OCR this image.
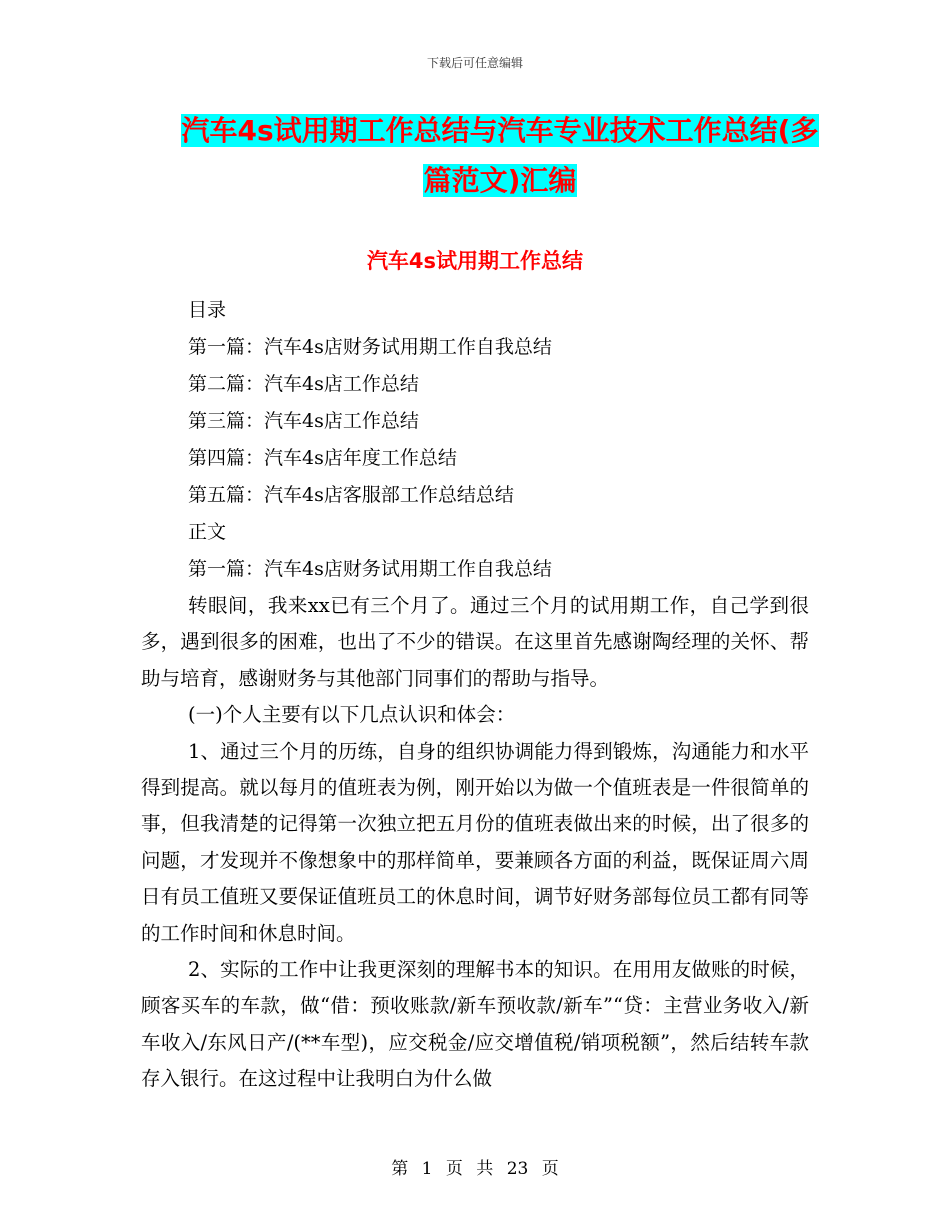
下载后可任意编辑
汽车4s试用期工作总结与汽车专业技术工作总结(多
篇范文)汇编
汽车4s试用期工作总结
目录
第一篇：汽车4s店财务试用期工作自我总结
第二篇：汽车4s店工作总结
第三篇：汽车4s店工作总结
第四篇：汽车4s店年度工作总结
第五篇：汽车4s店客服部工作总结总结
正文
第一篇：汽车4s店财务试用期工作自我总结

转眼间，我来xx已有三个月了。通过三个月的试用期工作，自己学到很多，遇到很多的困难，也出了不少的错误。在这里首先感谢陶经理的关怀、帮助与培育，感谢财务与其他部门同事们的帮助与指导。

(一)个人主要有以下几点认识和体会：

1、通过三个月的历练，自身的组织协调能力得到锻炼，沟通能力和水平得到提高。就以每月的值班表为例，刚开始以为做一个值班表是一件很简单的事，但我清楚的记得第一次独立把五月份的值班表做出来的时候，出了很多的问题，才发现并不像想象中的那样简单，要兼顾各方面的利益，既保证周六周日有员工值班又要保证值班员工的休息时间，调节好财务部每位员工都有同等的工作时间和休息时间。

2、实际的工作中让我更深刻的理解书本的知识。在用用友做账的时候，顾客买车的车款，做“借：预收账款/新车预收款/新车”“贷：主营业务收入/新车收入/东风日产/(**车型)，应交税金/应交增值税/销项税额”，然后结转车款存入银行。在这过程中让我明白为什么做

第 1 页 共 23 页
